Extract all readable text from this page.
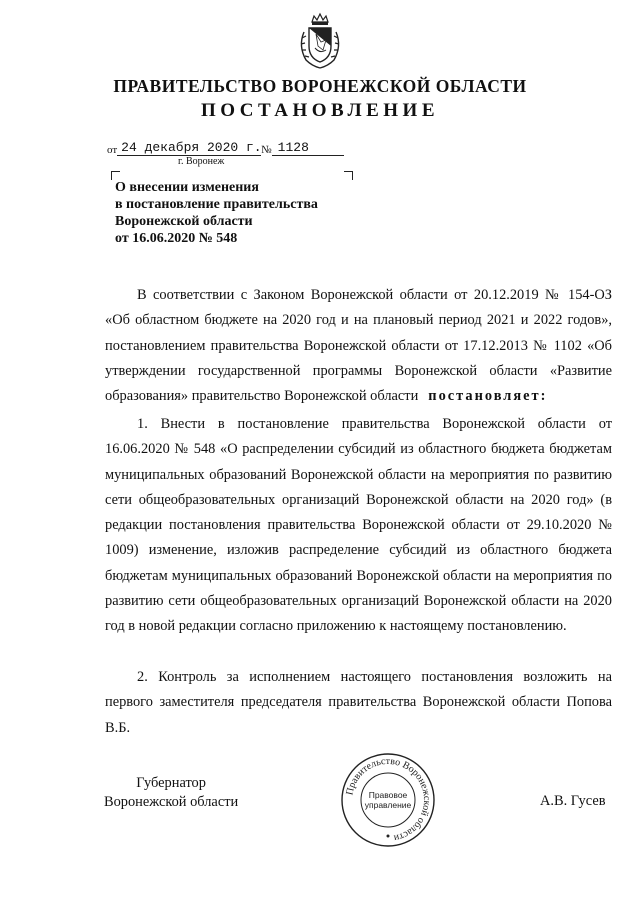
ПРАВИТЕЛЬСТВО ВОРОНЕЖСКОЙ ОБЛАСТИ
ПОСТАНОВЛЕНИЕ
от 24 декабря 2020 г. № 1128
г. Воронеж
О внесении изменения
в постановление правительства
Воронежской области
от 16.06.2020 № 548

В соответствии с Законом Воронежской области от 20.12.2019 № 154-ОЗ «Об областном бюджете на 2020 год и на плановый период 2021 и 2022 годов», постановлением правительства Воронежской области от 17.12.2013 № 1102 «Об утверждении государственной программы Воронежской области «Развитие образования» правительство Воронежской области постановляет:

1. Внести в постановление правительства Воронежской области от 16.06.2020 № 548 «О распределении субсидий из областного бюджета бюджетам муниципальных образований Воронежской области на мероприятия по развитию сети общеобразовательных организаций Воронежской области на 2020 год» (в редакции постановления правительства Воронежской области от 29.10.2020 № 1009) изменение, изложив распределение субсидий из областного бюджета бюджетам муниципальных образований Воронежской области на мероприятия по развитию сети общеобразовательных организаций Воронежской области на 2020 год в новой редакции согласно приложению к настоящему постановлению.

2. Контроль за исполнением настоящего постановления возложить на первого заместителя председателя правительства Воронежской области Попова В.Б.

Губернатор
Воронежской области
Правительство Воронежской области
Правовое
управление	А.В. Гусев
